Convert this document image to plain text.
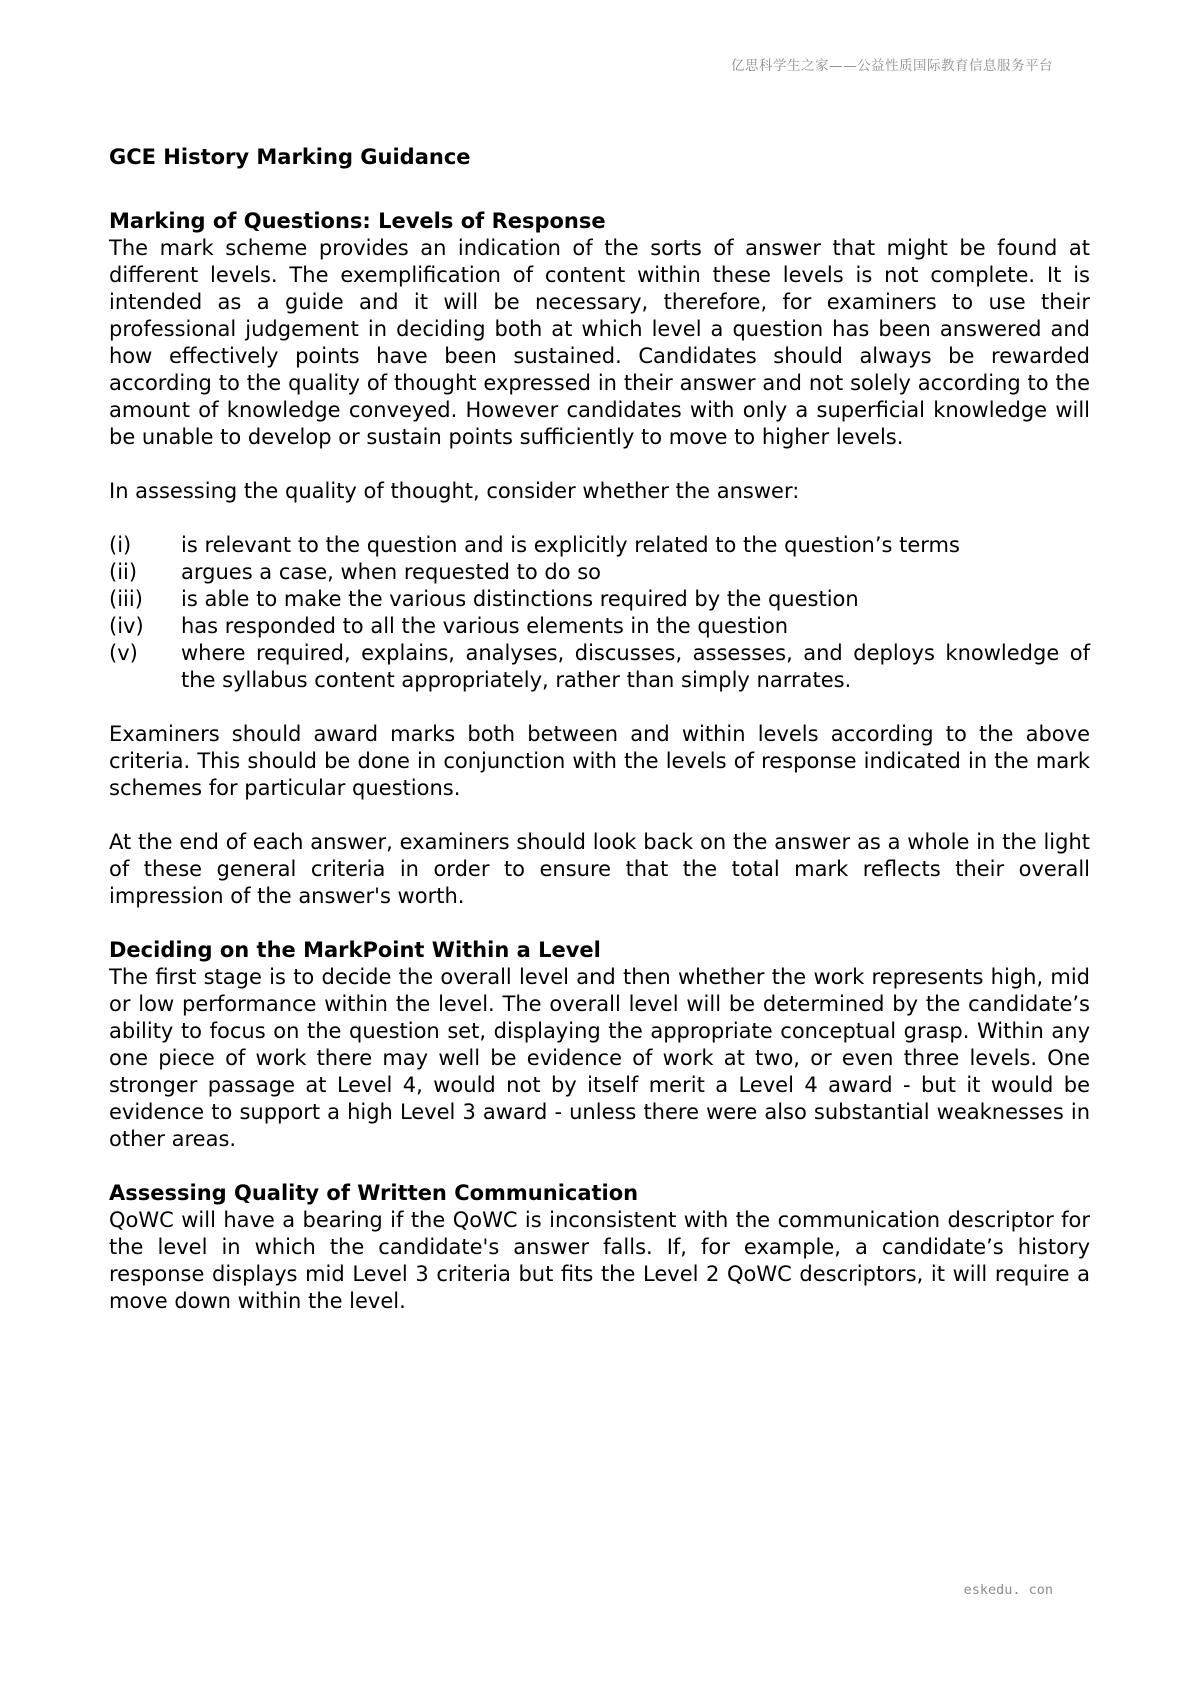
亿思科学生之家——公益性质国际教育信息服务平台
GCE History Marking Guidance
Marking of Questions: Levels of Response

The mark scheme provides an indication of the sorts of answer that might be found at different levels. The exemplification of content within these levels is not complete. It is intended as a guide and it will be necessary, therefore, for examiners to use their professional judgement in deciding both at which level a question has been answered and how effectively points have been sustained. Candidates should always be rewarded according to the quality of thought expressed in their answer and not solely according to the amount of knowledge conveyed. However candidates with only a superficial knowledge will be unable to develop or sustain points sufficiently to move to higher levels.

In assessing the quality of thought, consider whether the answer:

(i)	is relevant to the question and is explicitly related to the question’s terms
(ii)	argues a case, when requested to do so
(iii)	is able to make the various distinctions required by the question
(iv)	has responded to all the various elements in the question
(v)	where required, explains, analyses, discusses, assesses, and deploys knowledge of the syllabus content appropriately, rather than simply narrates.

Examiners should award marks both between and within levels according to the above criteria. This should be done in conjunction with the levels of response indicated in the mark schemes for particular questions.

At the end of each answer, examiners should look back on the answer as a whole in the light of these general criteria in order to ensure that the total mark reflects their overall impression of the answer's worth.

Deciding on the MarkPoint Within a Level

The first stage is to decide the overall level and then whether the work represents high, mid or low performance within the level. The overall level will be determined by the candidate’s ability to focus on the question set, displaying the appropriate conceptual grasp. Within any one piece of work there may well be evidence of work at two, or even three levels. One stronger passage at Level 4, would not by itself merit a Level 4 award - but it would be evidence to support a high Level 3 award - unless there were also substantial weaknesses in other areas.

Assessing Quality of Written Communication

QoWC will have a bearing if the QoWC is inconsistent with the communication descriptor for the level in which the candidate's answer falls. If, for example, a candidate’s history response displays mid Level 3 criteria but fits the Level 2 QoWC descriptors, it will require a move down within the level.

eskedu. con
